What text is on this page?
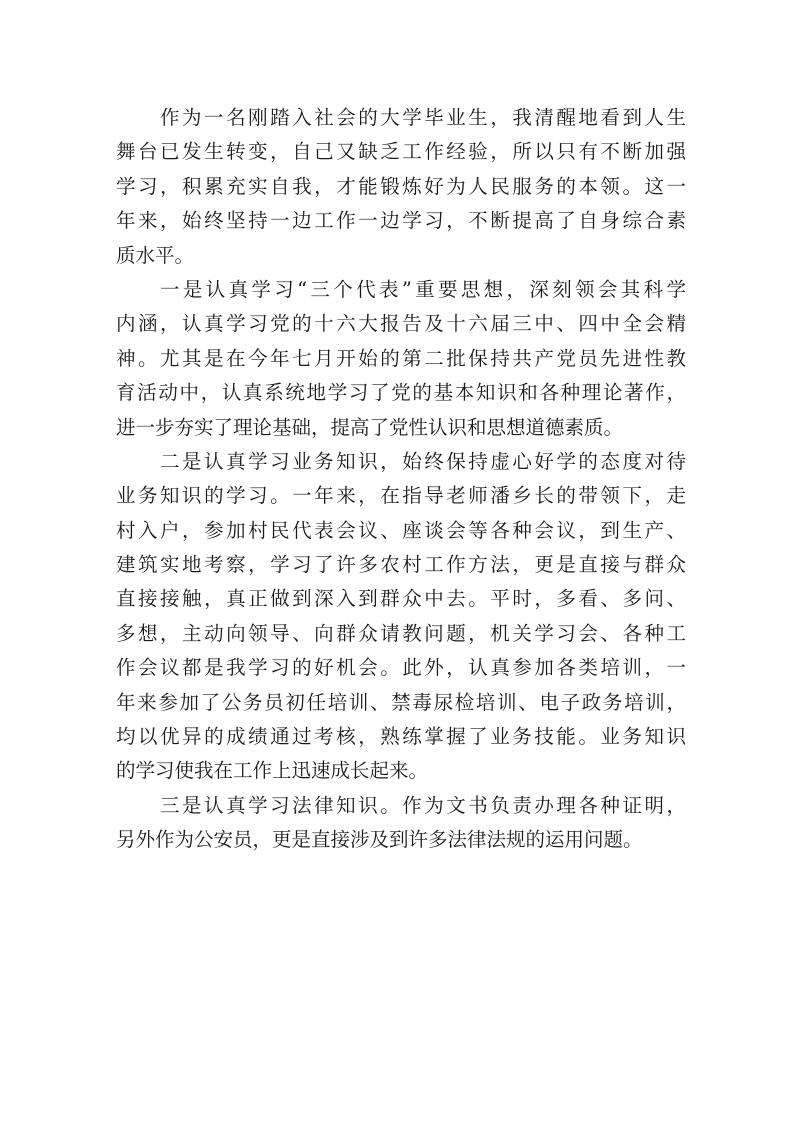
作为一名刚踏入社会的大学毕业生，我清醒地看到人生
舞台已发生转变，自己又缺乏工作经验，所以只有不断加强
学习，积累充实自我，才能锻炼好为人民服务的本领。这一
年来，始终坚持一边工作一边学习，不断提高了自身综合素
质水平。
一是认真学习“三个代表”重要思想，深刻领会其科学
内涵，认真学习党的十六大报告及十六届三中、四中全会精
神。尤其是在今年七月开始的第二批保持共产党员先进性教
育活动中，认真系统地学习了党的基本知识和各种理论著作，
进一步夯实了理论基础，提高了党性认识和思想道德素质。
二是认真学习业务知识，始终保持虚心好学的态度对待
业务知识的学习。一年来，在指导老师潘乡长的带领下，走
村入户，参加村民代表会议、座谈会等各种会议，到生产、
建筑实地考察，学习了许多农村工作方法，更是直接与群众
直接接触，真正做到深入到群众中去。平时，多看、多问、
多想，主动向领导、向群众请教问题，机关学习会、各种工
作会议都是我学习的好机会。此外，认真参加各类培训，一
年来参加了公务员初任培训、禁毒尿检培训、电子政务培训，
均以优异的成绩通过考核，熟练掌握了业务技能。业务知识
的学习使我在工作上迅速成长起来。
三是认真学习法律知识。作为文书负责办理各种证明，
另外作为公安员，更是直接涉及到许多法律法规的运用问题。
